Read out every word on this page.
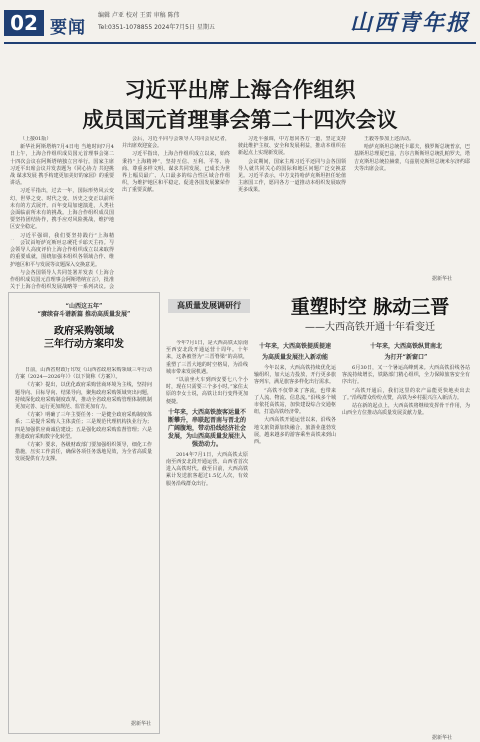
02 要闻
编辑 卢亚 校对 王雷 审稿 陈伟
Tel:0351-1078855 2024年7月5日 星期五	山西青年报
习近平出席上海合作组织
成员国元首理事会第二十四次会议

（上接01版）

新华社阿斯塔纳7月4日电 当地时间7月4日上午，上海合作组织成员国元首理事会第二十四次会议在阿斯塔纳独立宫举行。国家主席习近平出席会议并发表题为《同心协力 共迎挑战 谋求发展 携手构建更加美好的家园》的重要讲话。

习近平指出，过去一年，国际形势风云变幻，世界之变、时代之变、历史之变正以前所未有的方式展开。百年变局加速演进，人类社会面临前所未有的挑战。上海合作组织成员国要坚持团结协作，携手应对风险挑战，维护地区安全稳定。

习近平强调，我们要坚持践行“上海精

会议由哈萨克斯坦总统托卡耶夫主持。与会领导人高度评价上海合作组织成立以来取得的重要成就，围绕加强本组织各领域合作、维护地区和平与发展等议题深入交换意见。

与会各国领导人共同签署并发表《上海合作组织成员国元首理事会阿斯塔纳宣言》，批准关于上海合作组织发展战略等一系列决议。会

会后，习近平同与会领导人共同会见记者，并出席欢迎宴会。

习近平指出，上海合作组织成立以来，始终秉持“上海精神”，坚持互信、互利、平等、协商、尊重多样文明、谋求共同发展，已成长为世界上幅员最广、人口最多的综合性区域合作组织，为维护地区和平稳定、促进各国发展繁荣作出了重要贡献。

习近平强调，中方愿同各方一道，坚定支持彼此维护主权、安全和发展利益，推动本组织在新起点上实现新发展。

会议期间，国家主席习近平还同与会各国领导人就共同关心的国际和地区问题广泛交换意见。习近平表示，中方支持哈萨克斯坦担任轮值主席国工作，愿同各方一道推动本组织发展取得更多成果。

王毅等参加上述活动。

哈萨克斯坦总统托卡耶夫，俄罗斯总统普京，巴基斯坦总理夏巴兹，吉尔吉斯斯坦总统扎帕罗夫，塔吉克斯坦总统拉赫蒙，乌兹别克斯坦总统米尔济约耶夫等出席会议。

据新华社
“山西这五年”
“赓续奋斗谱新篇 推动高质量发展”
政府采购领域
三年行动方案印发

日前，山西省财政厅印发《山西省政府采购领域三年行动方案（2024—2026年）》（以下简称《方案》）。

《方案》提出，以优化政府采购营商环境为主线，坚持问题导向、目标导向、结果导向，聚焦政府采购领域突出问题，持续深化政府采购制度改革，推动全省政府采购管理体制机制更加完善、运行更加规范、监管更加有力。

《方案》明确了三年主要任务：一是健全政府采购制度体系；二是提升采购人主体责任；三是规范代理机构执业行为；四是加强供应商诚信建设；五是强化政府采购监督管理；六是推进政府采购数字化转型。

《方案》要求，各级财政部门要加强组织领导，细化工作措施，压实工作责任，确保各项任务落地见效，为全省高质量发展提供有力支撑。

据新华社
高质量发展调研行	重塑时空 脉动三晋
——大西高铁开通十年看变迁

今年7月1日，是大西高铁太原南至西安北段开通运营十周年。十年来，这条被誉为“三晋脊梁”的高铁，重塑了三晋大地的时空格局，为沿线城市带来发展机遇。

“以前坐火车到西安要七八个小时，现在只需要三个多小时。”家住太原的李女士说，高铁让出行变得更加便捷。

十年来，大西高铁旅客运量不断攀升，串联起晋南与晋北的广阔腹地，带动沿线经济社会发展，为山西高质量发展注入强劲动力。

2014年7月1日，大西高铁太原南至西安北段开通运营，山西省首次进入高铁时代。截至目前，大西高铁累计发送旅客超过1.5亿人次，有效服务沿线群众出行。

十年来，大西高铁提质提速

为高质量发展注入新动能

今年以来，大西高铁持续优化运输组织，加大运力投放，开行更多旅客列车，满足旅客多样化出行需求。

“高铁不仅带来了客流，也带来了人流、物流、信息流。”沿线多个城市依托高铁站，加快建设综合交通枢纽，打造高铁经济带。

大西高铁开通运营以来，沿线各地文旅资源加快融合，旅游业蓬勃发展，越来越多的游客乘坐高铁来到山西。

十年来，大西高铁纵贯南北

为打开“新窗口”

6月30日，又一个暑运高峰到来。大西高铁沿线各站客流持续增长，铁路部门精心组织，全力保障旅客安全有序出行。

“高铁开通后，我们这里的农产品能更快地卖出去了。”沿线群众纷纷点赞，高铁为乡村振兴注入新活力。

站在新的起点上，大西高铁将继续发挥骨干作用，为山西全方位推动高质量发展贡献力量。

据新华社
